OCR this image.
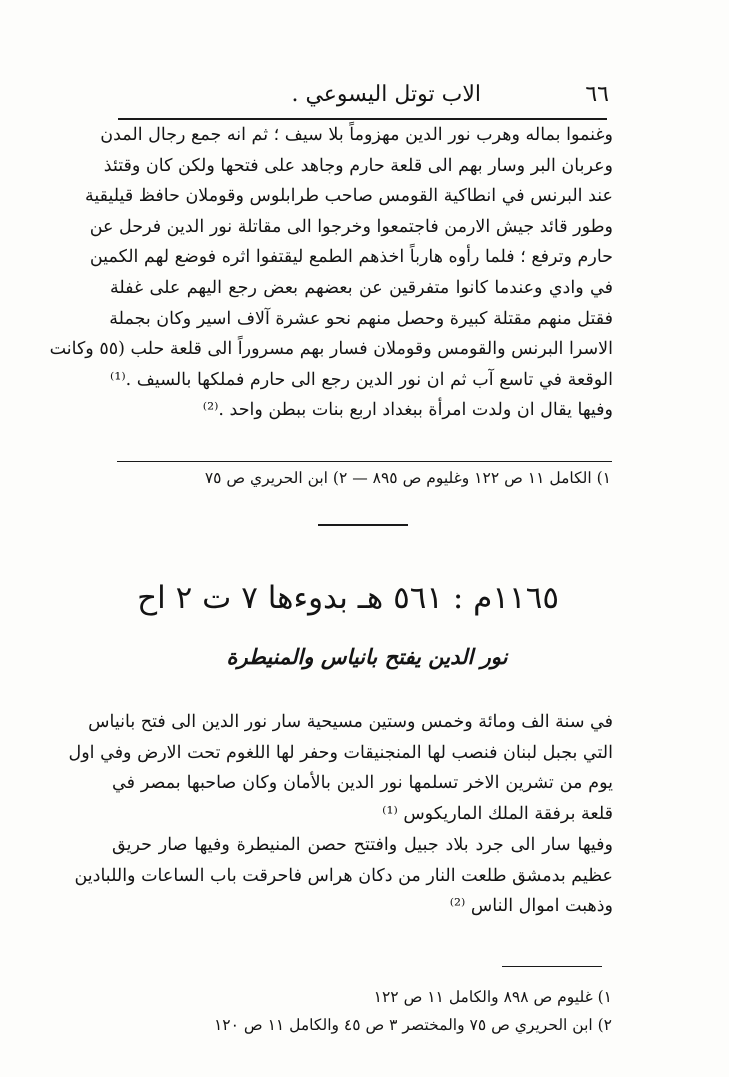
٦٦
الاب توتل اليسوعي .
وغنموا بماله وهرب نور الدين مهزوماً بلا سيف ؛ ثم انه جمع رجال المدن
وعربان البر وسار بهم الى قلعة حارم وجاهد على فتحها ولكن كان وقتئذ
عند البرنس في انطاكية القومس صاحب طرابلوس وقوملان حافظ قيليقية
وطور قائد جيش الارمن فاجتمعوا وخرجوا الى مقاتلة نور الدين فرحل عن
حارم وترفع ؛ فلما رأوه هارباً اخذهم الطمع ليقتفوا اثره فوضع لهم الكمين
في وادي وعندما كانوا متفرقين عن بعضهم بعض رجع اليهم على غفلة
فقتل منهم مقتلة كبيرة وحصل منهم نحو عشرة آلاف اسير وكان بجملة
الاسرا البرنس والقومس وقوملان فسار بهم مسروراً الى قلعة حلب (٥٥ وكانت
الوقعة في تاسع آب ثم ان نور الدين رجع الى حارم فملكها بالسيف .⁽¹⁾
وفيها يقال ان ولدت امرأة ببغداد اربع بنات ببطن واحد .⁽²⁾
١) الكامل ١١ ص ١٢٢ وغليوم ص ٨٩٥ — ٢) ابن الحريري ص ٧٥
١١٦٥م : ٥٦١ هـ بدوءها ٧ ت ٢ اح
نور الدين يفتح بانياس والمنيطرة
في سنة الف ومائة وخمس وستين مسيحية سار نور الدين الى فتح بانياس
التي بجبل لبنان فنصب لها المنجنيقات وحفر لها اللغوم تحت الارض وفي اول
يوم من تشرين الاخر تسلمها نور الدين بالأمان وكان صاحبها بمصر في
قلعة برفقة الملك الماريكوس ⁽¹⁾
وفيها سار الى جرد بلاد جبيل وافتتح حصن المنيطرة وفيها صار حريق
عظيم بدمشق طلعت النار من دكان هراس فاحرقت باب الساعات واللبادين
وذهبت اموال الناس ⁽²⁾
١) غليوم ص ٨٩٨ والكامل ١١ ص ١٢٢
٢) ابن الحريري ص ٧٥ والمختصر ٣ ص ٤٥ والكامل ١١ ص ١٢٠
